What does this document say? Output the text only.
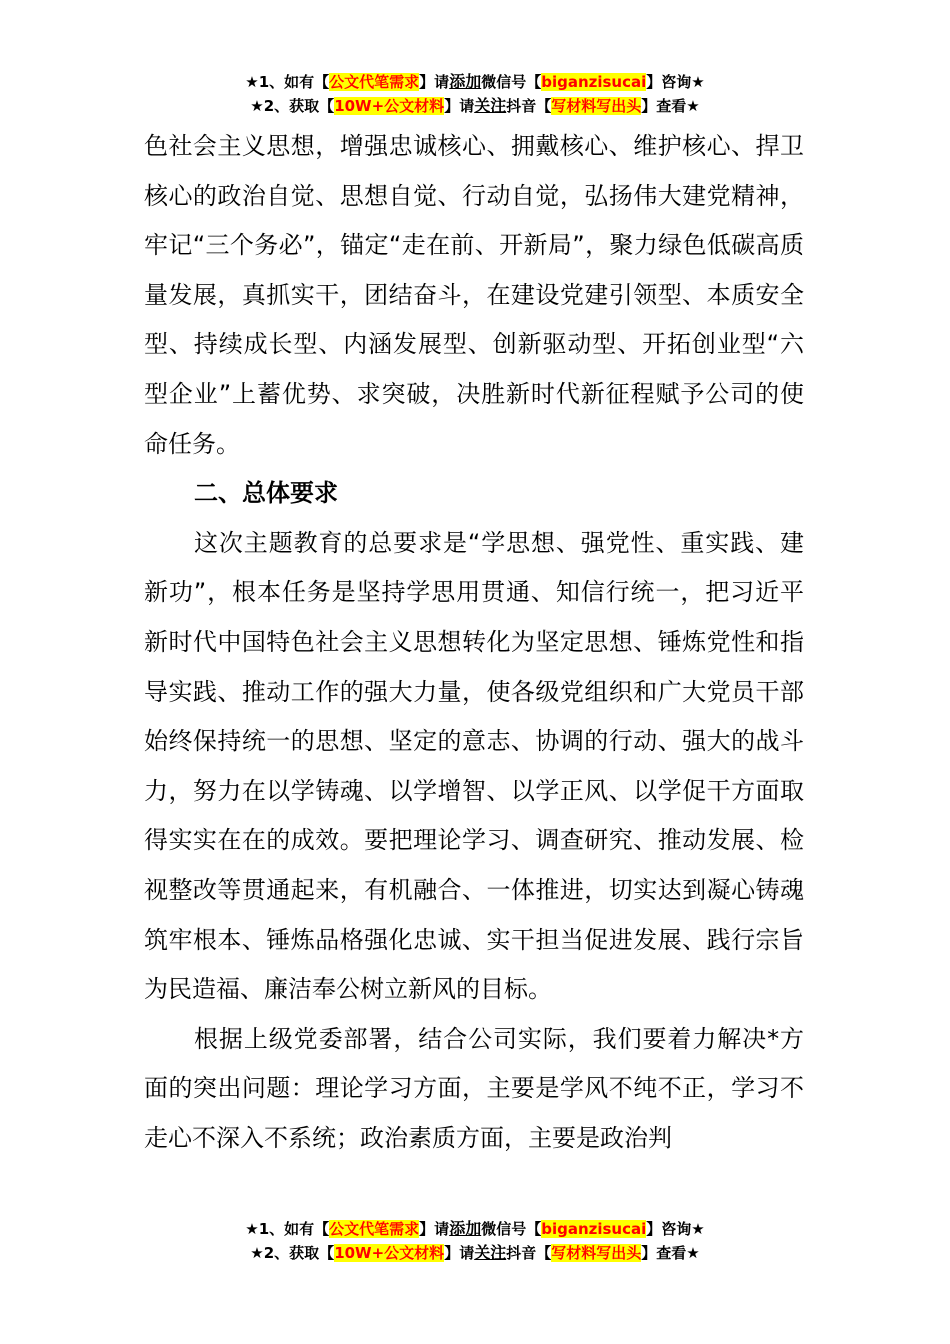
★1、如有【公文代笔需求】请添加微信号【biganzisucai】咨询★
★2、获取【10W+公文材料】请关注抖音【写材料写出头】查看★

色社会主义思想，增强忠诚核心、拥戴核心、维护核心、捍卫核心的政治自觉、思想自觉、行动自觉，弘扬伟大建党精神，牢记“三个务必”，锚定“走在前、开新局”，聚力绿色低碳高质量发展，真抓实干，团结奋斗，在建设党建引领型、本质安全型、持续成长型、内涵发展型、创新驱动型、开拓创业型“六型企业”上蓄优势、求突破，决胜新时代新征程赋予公司的使命任务。

二、总体要求

这次主题教育的总要求是“学思想、强党性、重实践、建新功”，根本任务是坚持学思用贯通、知信行统一，把习近平新时代中国特色社会主义思想转化为坚定思想、锤炼党性和指导实践、推动工作的强大力量，使各级党组织和广大党员干部始终保持统一的思想、坚定的意志、协调的行动、强大的战斗力，努力在以学铸魂、以学增智、以学正风、以学促干方面取得实实在在的成效。要把理论学习、调查研究、推动发展、检视整改等贯通起来，有机融合、一体推进，切实达到凝心铸魂筑牢根本、锤炼品格强化忠诚、实干担当促进发展、践行宗旨为民造福、廉洁奉公树立新风的目标。

根据上级党委部署，结合公司实际，我们要着力解决*方面的突出问题：理论学习方面，主要是学风不纯不正，学习不走心不深入不系统；政治素质方面，主要是政治判

★1、如有【公文代笔需求】请添加微信号【biganzisucai】咨询★
★2、获取【10W+公文材料】请关注抖音【写材料写出头】查看★
